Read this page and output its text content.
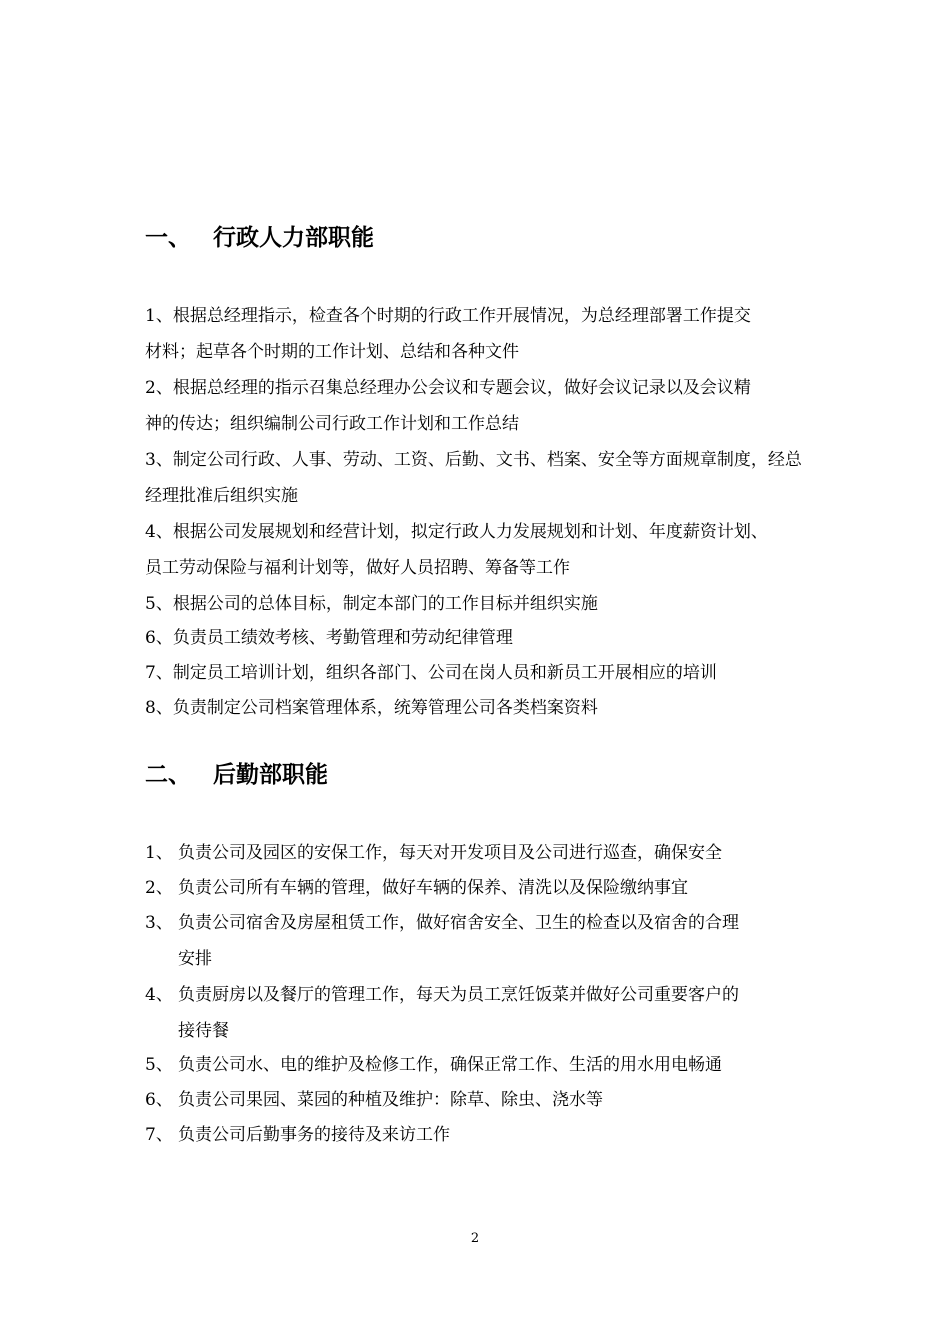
一、 行政人力部职能
1、根据总经理指示，检查各个时期的行政工作开展情况，为总经理部署工作提交
材料；起草各个时期的工作计划、总结和各种文件
2、根据总经理的指示召集总经理办公会议和专题会议，做好会议记录以及会议精
神的传达；组织编制公司行政工作计划和工作总结
3、制定公司行政、人事、劳动、工资、后勤、文书、档案、安全等方面规章制度，经总
经理批准后组织实施
4、根据公司发展规划和经营计划，拟定行政人力发展规划和计划、年度薪资计划、
员工劳动保险与福利计划等，做好人员招聘、筹备等工作
5、根据公司的总体目标，制定本部门的工作目标并组织实施
6、负责员工绩效考核、考勤管理和劳动纪律管理
7、制定员工培训计划，组织各部门、公司在岗人员和新员工开展相应的培训
8、负责制定公司档案管理体系，统筹管理公司各类档案资料
二、 后勤部职能
1、 负责公司及园区的安保工作，每天对开发项目及公司进行巡查，确保安全
2、 负责公司所有车辆的管理，做好车辆的保养、清洗以及保险缴纳事宜
3、 负责公司宿舍及房屋租赁工作，做好宿舍安全、卫生的检查以及宿舍的合理
安排
4、 负责厨房以及餐厅的管理工作，每天为员工烹饪饭菜并做好公司重要客户的
接待餐
5、 负责公司水、电的维护及检修工作，确保正常工作、生活的用水用电畅通
6、 负责公司果园、菜园的种植及维护：除草、除虫、浇水等
7、 负责公司后勤事务的接待及来访工作
2
